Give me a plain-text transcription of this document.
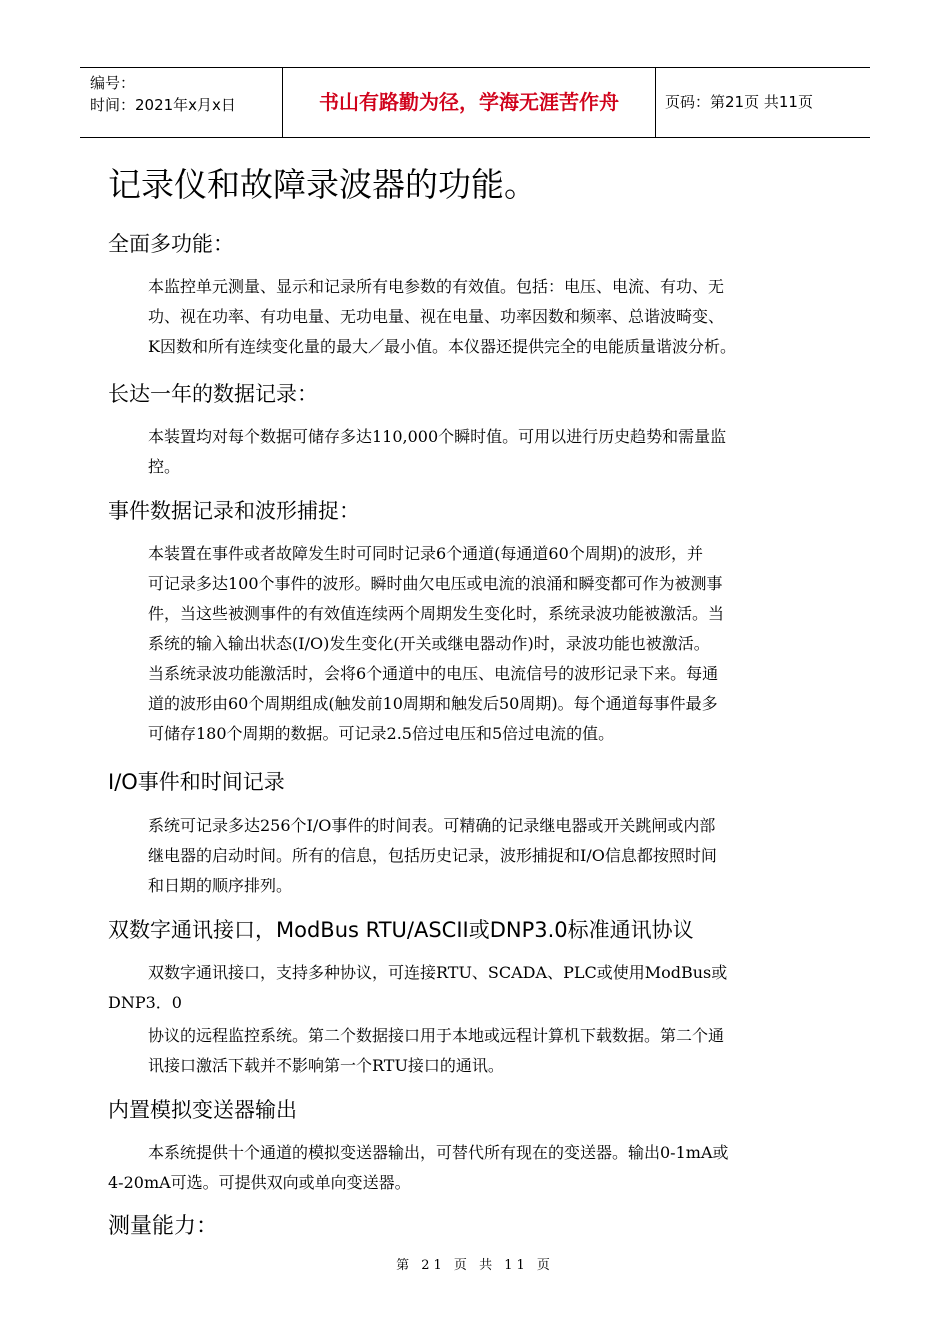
编号：
时间：2021年x月x日	书山有路勤为径，学海无涯苦作舟	页码：第21页 共11页
记录仪和故障录波器的功能。
全面多功能：
本监控单元测量、显示和记录所有电参数的有效值。包括：电压、电流、有功、无
功、视在功率、有功电量、无功电量、视在电量、功率因数和频率、总谐波畸变、
K因数和所有连续变化量的最大／最小值。本仪器还提供完全的电能质量谐波分析。
长达一年的数据记录：
本装置均对每个数据可储存多达110,000个瞬时值。可用以进行历史趋势和需量监
控。
事件数据记录和波形捕捉：
本装置在事件或者故障发生时可同时记录6个通道(每通道60个周期)的波形，并
可记录多达100个事件的波形。瞬时曲欠电压或电流的浪涌和瞬变都可作为被测事
件，当这些被测事件的有效值连续两个周期发生变化时，系统录波功能被激活。当
系统的输入输出状态(I/O)发生变化(开关或继电器动作)时，录波功能也被激活。
当系统录波功能激活时，会将6个通道中的电压、电流信号的波形记录下来。每通
道的波形由60个周期组成(触发前10周期和触发后50周期)。每个通道每事件最多
可储存180个周期的数据。可记录2.5倍过电压和5倍过电流的值。
I/O事件和时间记录
系统可记录多达256个I/O事件的时间表。可精确的记录继电器或开关跳闸或内部
继电器的启动时间。所有的信息，包括历史记录，波形捕捉和I/O信息都按照时间
和日期的顺序排列。
双数字通讯接口，ModBus RTU/ASCII或DNP3.0标准通讯协议
双数字通讯接口，支持多种协议，可连接RTU、SCADA、PLC或使用ModBus或
DNP3．0
协议的远程监控系统。第二个数据接口用于本地或远程计算机下载数据。第二个通
讯接口激活下载并不影响第一个RTU接口的通讯。
内置模拟变送器输出
本系统提供十个通道的模拟变送器输出，可替代所有现在的变送器。输出0-1mA或
4-20mA可选。可提供双向或单向变送器。
测量能力：
第 21 页 共 11 页
